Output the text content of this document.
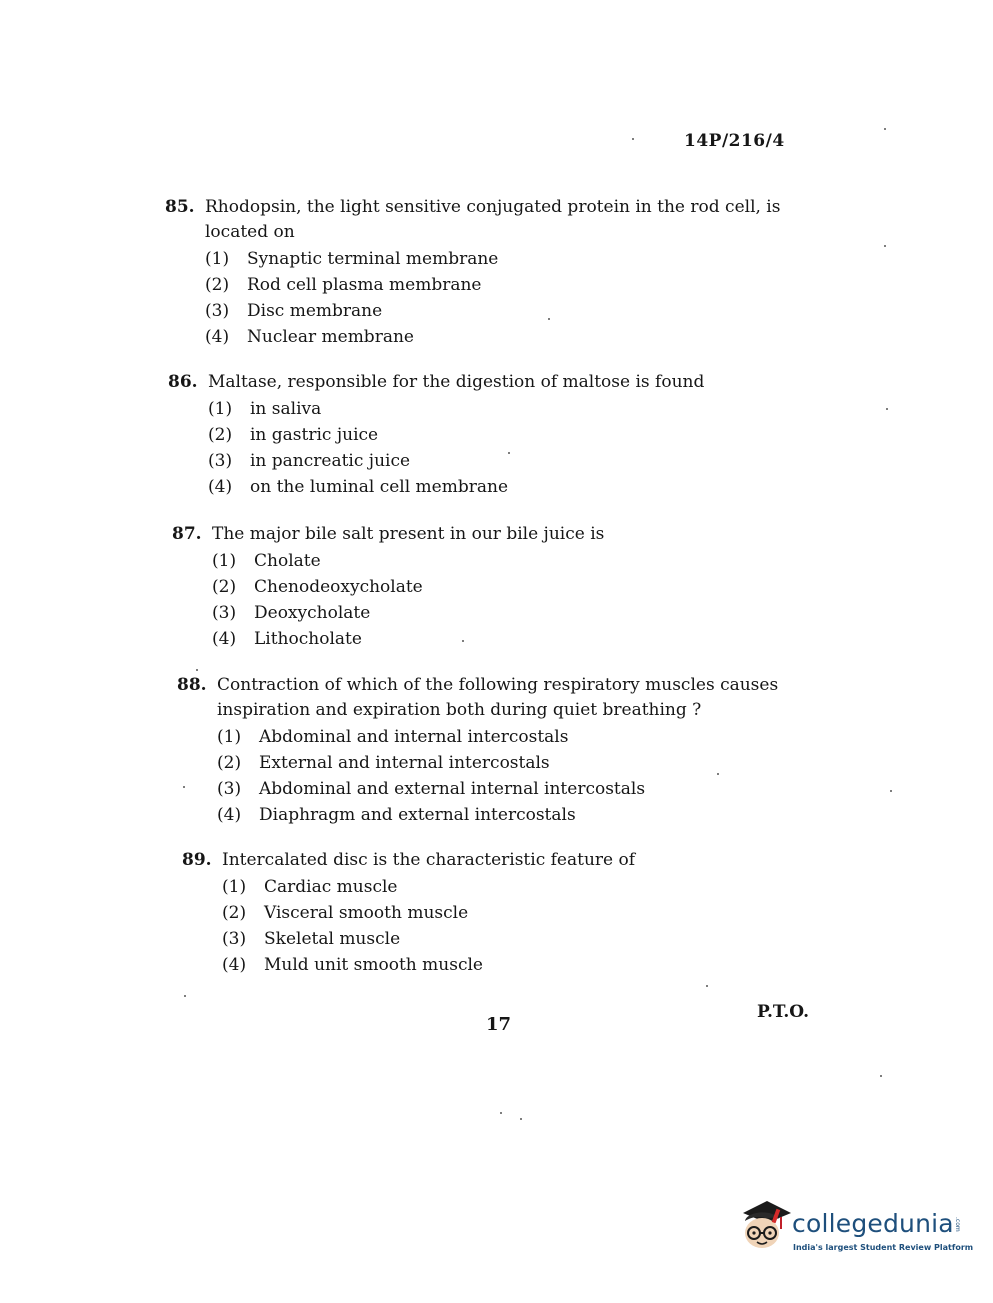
14P/216/4
85. Rhodopsin, the light sensitive conjugated protein in the rod cell, is located on
(1)	Synaptic terminal membrane
(2)	Rod cell plasma membrane
(3)	Disc membrane
(4)	Nuclear membrane
86. Maltase, responsible for the digestion of maltose is found
(1)	in saliva
(2)	in gastric juice
(3)	in pancreatic juice
(4)	on the luminal cell membrane
87. The major bile salt present in our bile juice is
(1)	Cholate
(2)	Chenodeoxycholate
(3)	Deoxycholate
(4)	Lithocholate
88. Contraction of which of the following respiratory muscles causes inspiration and expiration both during quiet breathing ?
(1)	Abdominal and internal intercostals
(2)	External and internal intercostals
(3)	Abdominal and external internal intercostals
(4)	Diaphragm and external intercostals
89. Intercalated disc is the characteristic feature of
(1)	Cardiac muscle
(2)	Visceral smooth muscle
(3)	Skeletal muscle
(4)	Muld unit smooth muscle
17
P.T.O.
collegedunia .com
India's largest Student Review Platform
